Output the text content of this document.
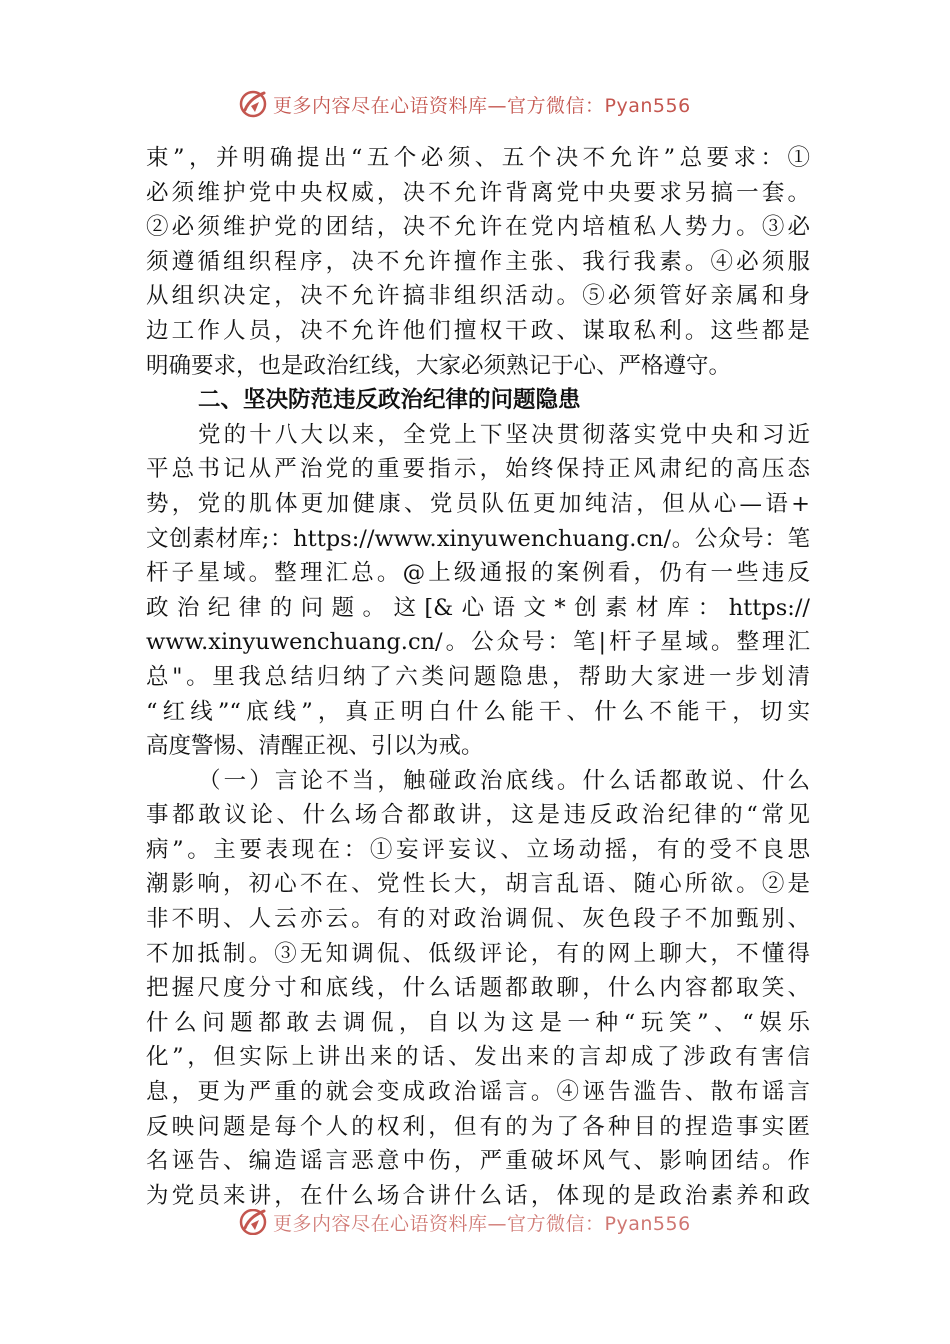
更多内容尽在心语资料库—官方微信：Pyan556
束”，并明确提出“五个必须、五个决不允许”总要求：①
必须维护党中央权威，决不允许背离党中央要求另搞一套。
②必须维护党的团结，决不允许在党内培植私人势力。③必
须遵循组织程序，决不允许擅作主张、我行我素。④必须服
从组织决定，决不允许搞非组织活动。⑤必须管好亲属和身
边工作人员，决不允许他们擅权干政、谋取私利。这些都是
明确要求，也是政治红线，大家必须熟记于心、严格遵守。
二、坚决防范违反政治纪律的问题隐患
党的十八大以来，全党上下坚决贯彻落实党中央和习近
平总书记从严治党的重要指示，始终保持正风肃纪的高压态
势，党的肌体更加健康、党员队伍更加纯洁，但从心—语+
文创素材库;：https://www.xinyuwenchuang.cn/。公众号：笔
杆子星域。整理汇总。@上级通报的案例看，仍有一些违反
政治纪律的问题。这[&心语文*创素材库：https://
www.xinyuwenchuang.cn/。公众号：笔|杆子星域。整理汇
总"。里我总结归纳了六类问题隐患，帮助大家进一步划清
“红线”“底线”，真正明白什么能干、什么不能干，切实
高度警惕、清醒正视、引以为戒。
（一）言论不当，触碰政治底线。什么话都敢说、什么
事都敢议论、什么场合都敢讲，这是违反政治纪律的“常见
病”。主要表现在：①妄评妄议、立场动摇，有的受不良思
潮影响，初心不在、党性长大，胡言乱语、随心所欲。②是
非不明、人云亦云。有的对政治调侃、灰色段子不加甄别、
不加抵制。③无知调侃、低级评论，有的网上聊大，不懂得
把握尺度分寸和底线，什么话题都敢聊，什么内容都取笑、
什么问题都敢去调侃，自以为这是一种“玩笑”、“娱乐
化”，但实际上讲出来的话、发出来的言却成了涉政有害信
息，更为严重的就会变成政治谣言。④诬告滥告、散布谣言
反映问题是每个人的权利，但有的为了各种目的捏造事实匿
名诬告、编造谣言恶意中伤，严重破坏风气、影响团结。作
为党员来讲，在什么场合讲什么话，体现的是政治素养和政
更多内容尽在心语资料库—官方微信：Pyan556
